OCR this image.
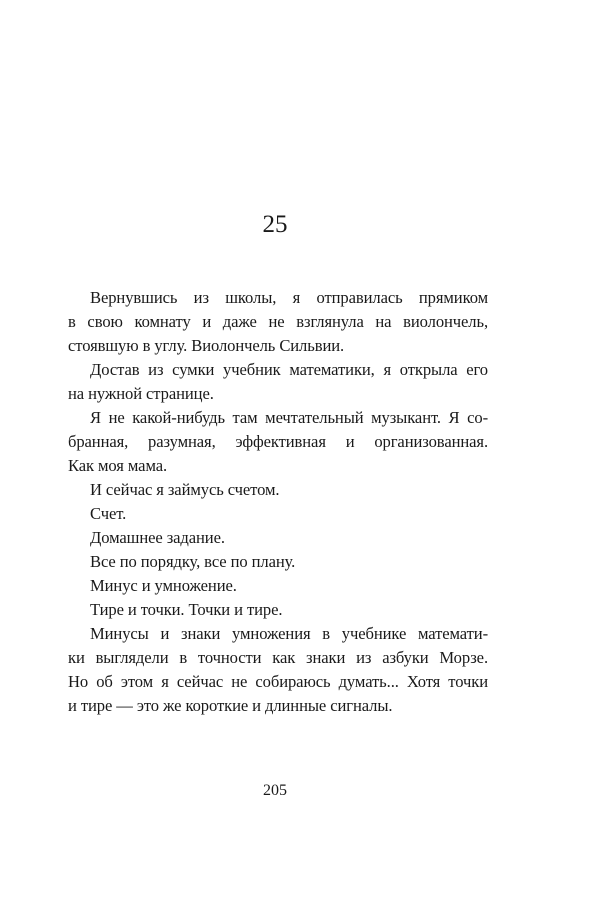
25
Вернувшись из школы, я отправилась прямиком
в свою комнату и даже не взглянула на виолончель,
стоявшую в углу. Виолончель Сильвии.
Достав из сумки учебник математики, я открыла его
на нужной странице.
Я не какой-нибудь там мечтательный музыкант. Я со-
бранная, разумная, эффективная и организованная.
Как моя мама.
И сейчас я займусь счетом.
Счет.
Домашнее задание.
Все по порядку, все по плану.
Минус и умножение.
Тире и точки. Точки и тире.
Минусы и знаки умножения в учебнике математи-
ки выглядели в точности как знаки из азбуки Морзе.
Но об этом я сейчас не собираюсь думать... Хотя точки
и тире — это же короткие и длинные сигналы.
205
